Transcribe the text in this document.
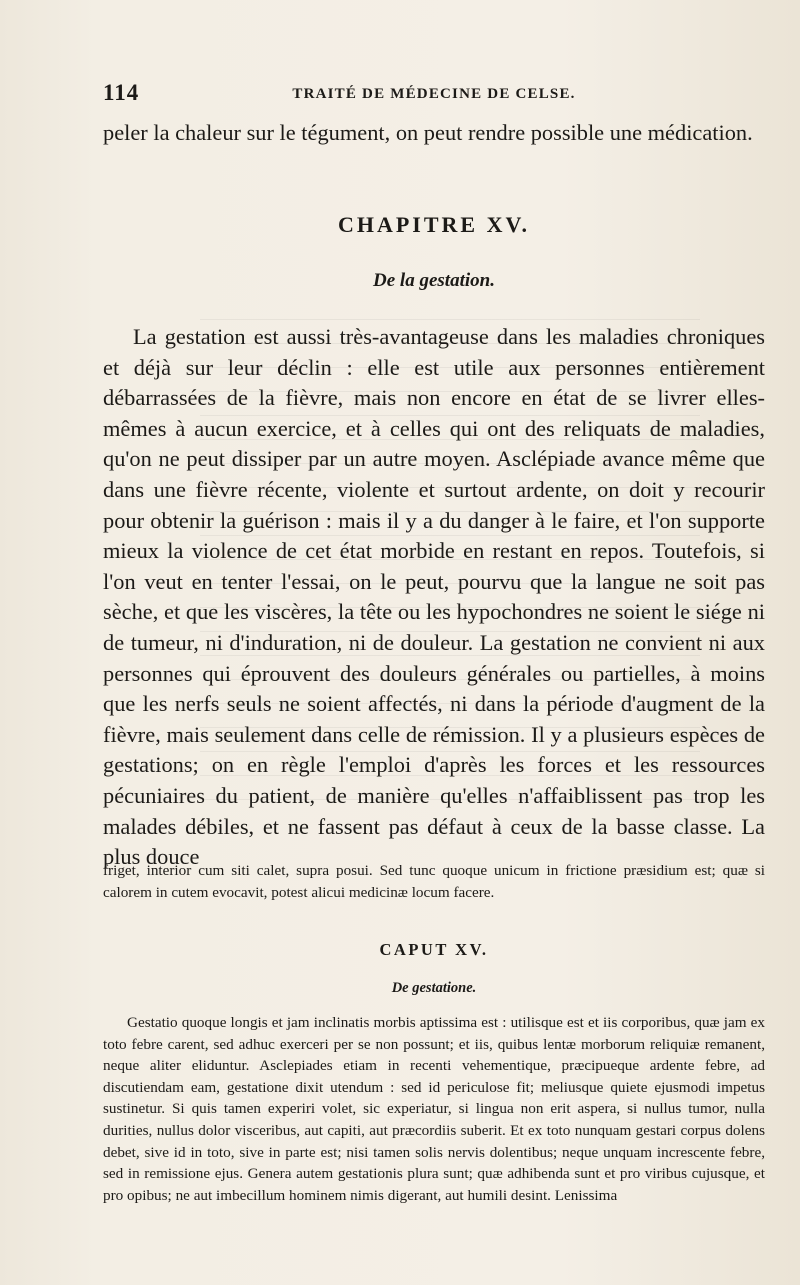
114	TRAITÉ DE MÉDECINE DE CELSE.

peler la chaleur sur le tégument, on peut rendre possible une médication.

CHAPITRE XV.
De la gestation.

La gestation est aussi très-avantageuse dans les maladies chroniques et déjà sur leur déclin : elle est utile aux personnes entièrement débarrassées de la fièvre, mais non encore en état de se livrer elles-mêmes à aucun exercice, et à celles qui ont des reliquats de maladies, qu'on ne peut dissiper par un autre moyen. Asclépiade avance même que dans une fièvre récente, violente et surtout ardente, on doit y recourir pour obtenir la guérison : mais il y a du danger à le faire, et l'on supporte mieux la violence de cet état morbide en restant en repos. Toutefois, si l'on veut en tenter l'essai, on le peut, pourvu que la langue ne soit pas sèche, et que les viscères, la tête ou les hypochondres ne soient le siége ni de tumeur, ni d'induration, ni de douleur. La gestation ne convient ni aux personnes qui éprouvent des douleurs générales ou partielles, à moins que les nerfs seuls ne soient affectés, ni dans la période d'augment de la fièvre, mais seulement dans celle de rémission. Il y a plusieurs espèces de gestations; on en règle l'emploi d'après les forces et les ressources pécuniaires du patient, de manière qu'elles n'affaiblissent pas trop les malades débiles, et ne fassent pas défaut à ceux de la basse classe. La plus douce

friget, interior cum siti calet, supra posui. Sed tunc quoque unicum in frictione præsidium est; quæ si calorem in cutem evocavit, potest alicui medicinæ locum facere.

CAPUT XV.
De gestatione.

Gestatio quoque longis et jam inclinatis morbis aptissima est : utilisque est et iis corporibus, quæ jam ex toto febre carent, sed adhuc exerceri per se non possunt; et iis, quibus lentæ morborum reliquiæ remanent, neque aliter eliduntur. Asclepiades etiam in recenti vehementique, præcipueque ardente febre, ad discutiendam eam, gestatione dixit utendum : sed id periculose fit; meliusque quiete ejusmodi impetus sustinetur. Si quis tamen experiri volet, sic experiatur, si lingua non erit aspera, si nullus tumor, nulla durities, nullus dolor visceribus, aut capiti, aut præcordiis suberit. Et ex toto nunquam gestari corpus dolens debet, sive id in toto, sive in parte est; nisi tamen solis nervis dolentibus; neque unquam increscente febre, sed in remissione ejus. Genera autem gestationis plura sunt; quæ adhibenda sunt et pro viribus cujusque, et pro opibus; ne aut imbecillum hominem nimis digerant, aut humili desint. Lenissima
